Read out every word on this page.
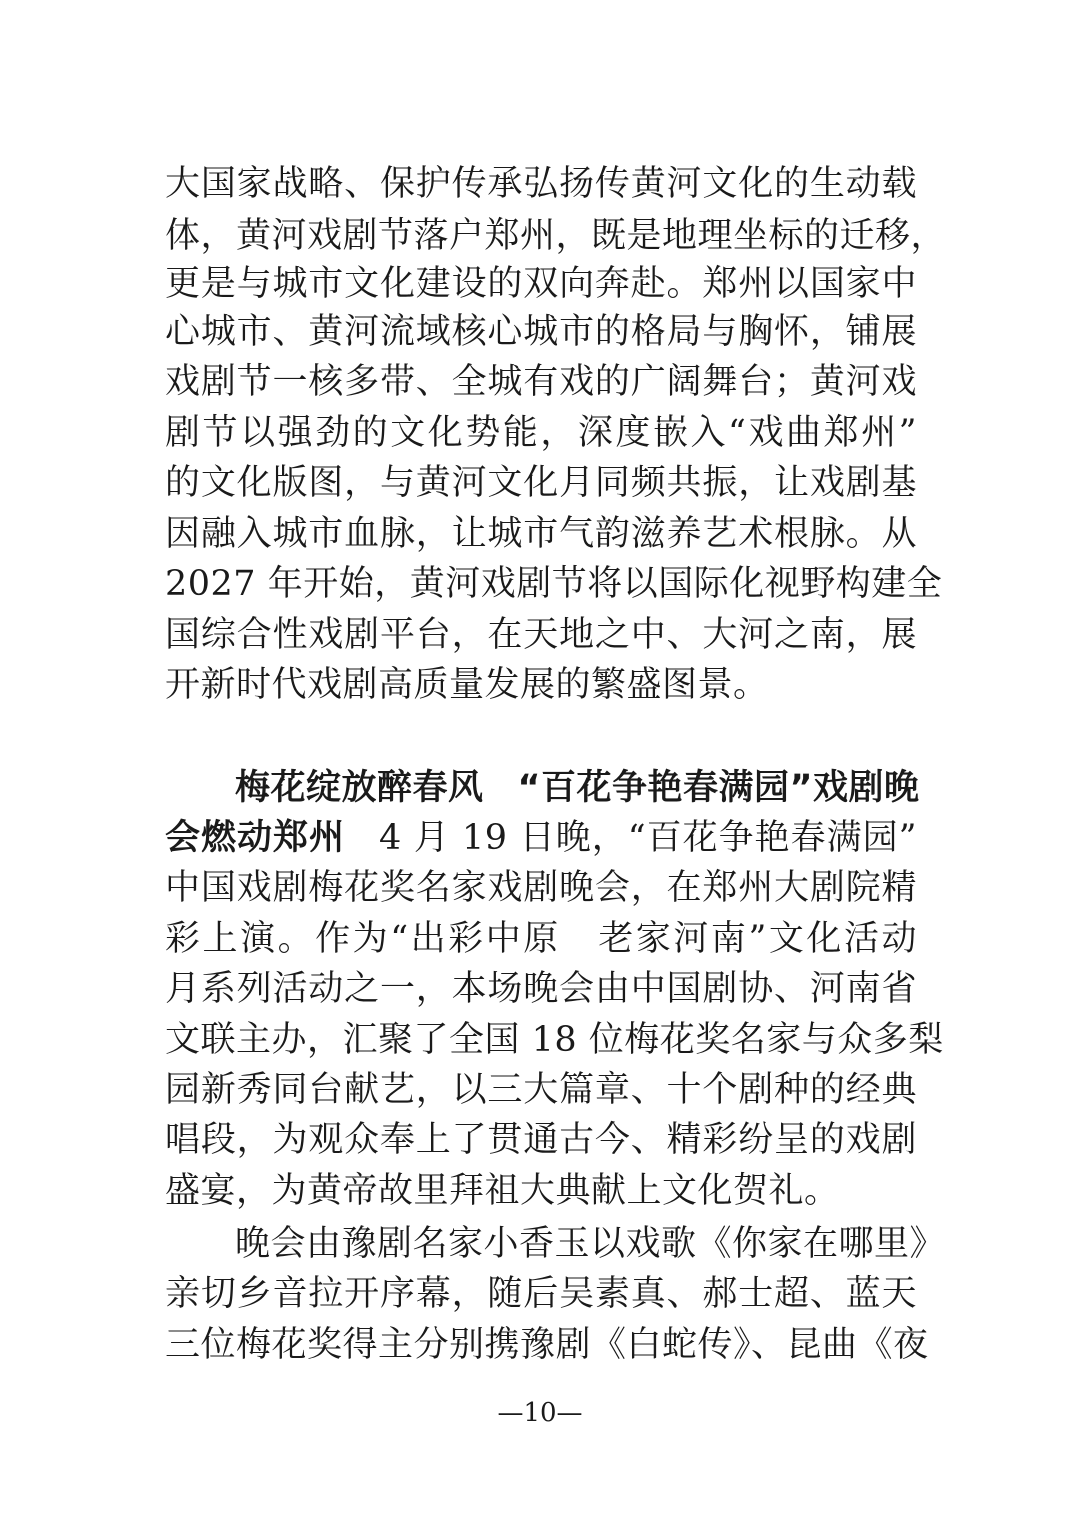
大国家战略、保护传承弘扬传黄河文化的生动载
体，黄河戏剧节落户郑州，既是地理坐标的迁移，
更是与城市文化建设的双向奔赴。郑州以国家中
心城市、黄河流域核心城市的格局与胸怀，铺展
戏剧节一核多带、全城有戏的广阔舞台；黄河戏
剧节以强劲的文化势能，深度嵌入“戏曲郑州”
的文化版图，与黄河文化月同频共振，让戏剧基
因融入城市血脉，让城市气韵滋养艺术根脉。从
2027 年开始，黄河戏剧节将以国际化视野构建全
国综合性戏剧平台，在天地之中、大河之南，展
开新时代戏剧高质量发展的繁盛图景。
梅花绽放醉春风 “百花争艳春满园”戏剧晚
会燃动郑州 4 月 19 日晚，“百花争艳春满园”
中国戏剧梅花奖名家戏剧晚会，在郑州大剧院精
彩上演。作为“出彩中原　老家河南”文化活动
月系列活动之一，本场晚会由中国剧协、河南省
文联主办，汇聚了全国 18 位梅花奖名家与众多梨
园新秀同台献艺，以三大篇章、十个剧种的经典
唱段，为观众奉上了贯通古今、精彩纷呈的戏剧
盛宴，为黄帝故里拜祖大典献上文化贺礼。
晚会由豫剧名家小香玉以戏歌《你家在哪里》
亲切乡音拉开序幕，随后吴素真、郝士超、蓝天
三位梅花奖得主分别携豫剧《白蛇传》、昆曲《夜
—10—
